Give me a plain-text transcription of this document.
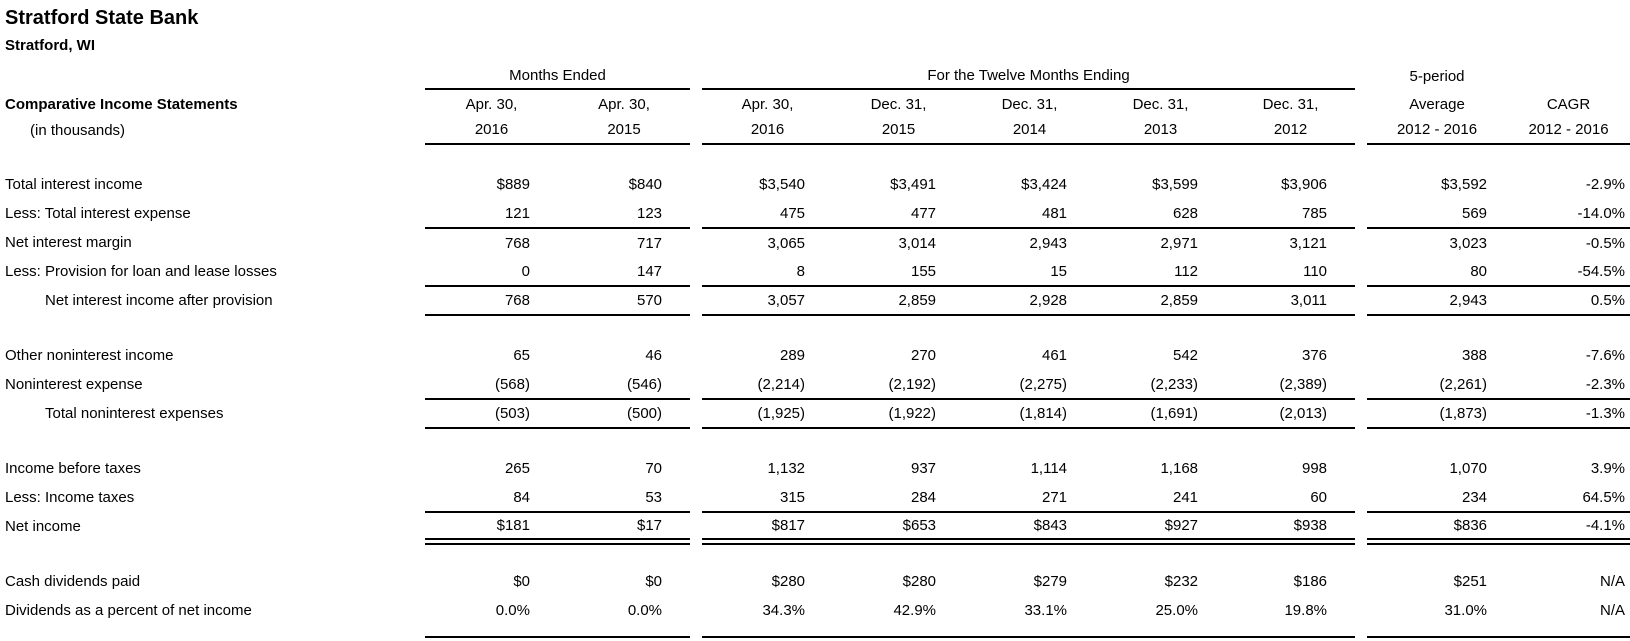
Stratford State Bank
Stratford, WI
	Months Ended			For the Twelve Months Ending						5-period	
Comparative Income Statements	Apr. 30,	Apr. 30,		Apr. 30,	Dec. 31,	Dec. 31,	Dec. 31,	Dec. 31,		Average	CAGR
(in thousands)	2016	2015		2016	2015	2014	2013	2012		2012 - 2016	2012 - 2016

Total interest income	$889	$840		$3,540	$3,491	$3,424	$3,599	$3,906		$3,592	-2.9%
Less: Total interest expense	121	123		475	477	481	628	785		569	-14.0%
Net interest margin	768	717		3,065	3,014	2,943	2,971	3,121		3,023	-0.5%
Less: Provision for loan and lease losses	0	147		8	155	15	112	110		80	-54.5%
Net interest income after provision	768	570		3,057	2,859	2,928	2,859	3,011		2,943	0.5%

Other noninterest income	65	46		289	270	461	542	376		388	-7.6%
Noninterest expense	(568)	(546)		(2,214)	(2,192)	(2,275)	(2,233)	(2,389)		(2,261)	-2.3%
Total noninterest expenses	(503)	(500)		(1,925)	(1,922)	(1,814)	(1,691)	(2,013)		(1,873)	-1.3%

Income before taxes	265	70		1,132	937	1,114	1,168	998		1,070	3.9%
Less: Income taxes	84	53		315	284	271	241	60		234	64.5%
Net income	$181	$17		$817	$653	$843	$927	$938		$836	-4.1%

Cash dividends paid	$0	$0		$280	$280	$279	$232	$186		$251	N/A
Dividends as a percent of net income	0.0%	0.0%		34.3%	42.9%	33.1%	25.0%	19.8%		31.0%	N/A
